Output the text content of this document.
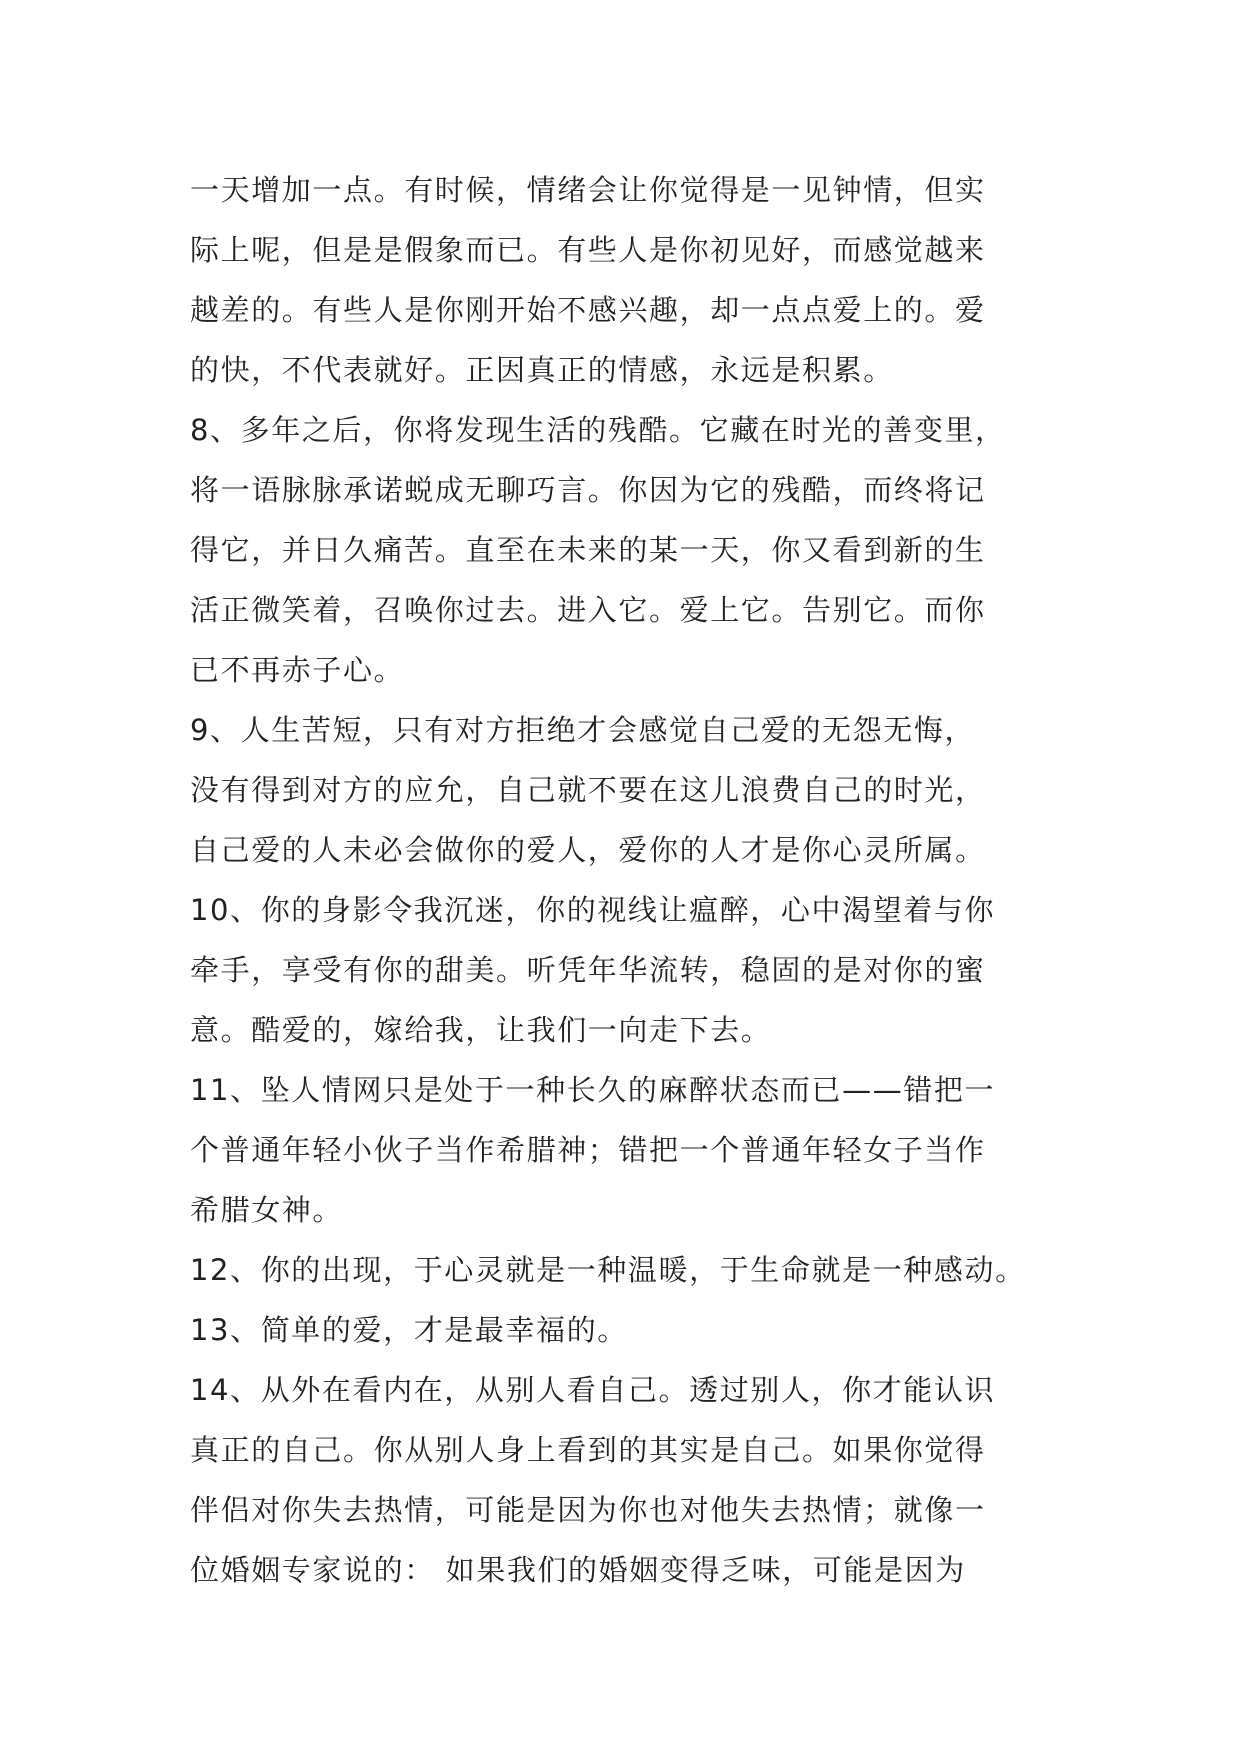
一天增加一点。有时候，情绪会让你觉得是一见钟情，但实
际上呢，但是是假象而已。有些人是你初见好，而感觉越来
越差的。有些人是你刚开始不感兴趣，却一点点爱上的。爱
的快，不代表就好。正因真正的情感，永远是积累。
8、多年之后，你将发现生活的残酷。它藏在时光的善变里，
将一语脉脉承诺蜕成无聊巧言。你因为它的残酷，而终将记
得它，并日久痛苦。直至在未来的某一天，你又看到新的生
活正微笑着，召唤你过去。进入它。爱上它。告别它。而你
已不再赤子心。
9、人生苦短，只有对方拒绝才会感觉自己爱的无怨无悔，
没有得到对方的应允，自己就不要在这儿浪费自己的时光，
自己爱的人未必会做你的爱人，爱你的人才是你心灵所属。
10、你的身影令我沉迷，你的视线让瘟醉，心中渴望着与你
牵手，享受有你的甜美。听凭年华流转，稳固的是对你的蜜
意。酷爱的，嫁给我，让我们一向走下去。
11、坠人情网只是处于一种长久的麻醉状态而已——错把一
个普通年轻小伙子当作希腊神；错把一个普通年轻女子当作
希腊女神。
12、你的出现，于心灵就是一种温暖，于生命就是一种感动。
13、简单的爱，才是最幸福的。
14、从外在看内在，从别人看自己。透过别人，你才能认识
真正的自己。你从别人身上看到的其实是自己。如果你觉得
伴侣对你失去热情，可能是因为你也对他失去热情；就像一
位婚姻专家说的： 如果我们的婚姻变得乏味，可能是因为
